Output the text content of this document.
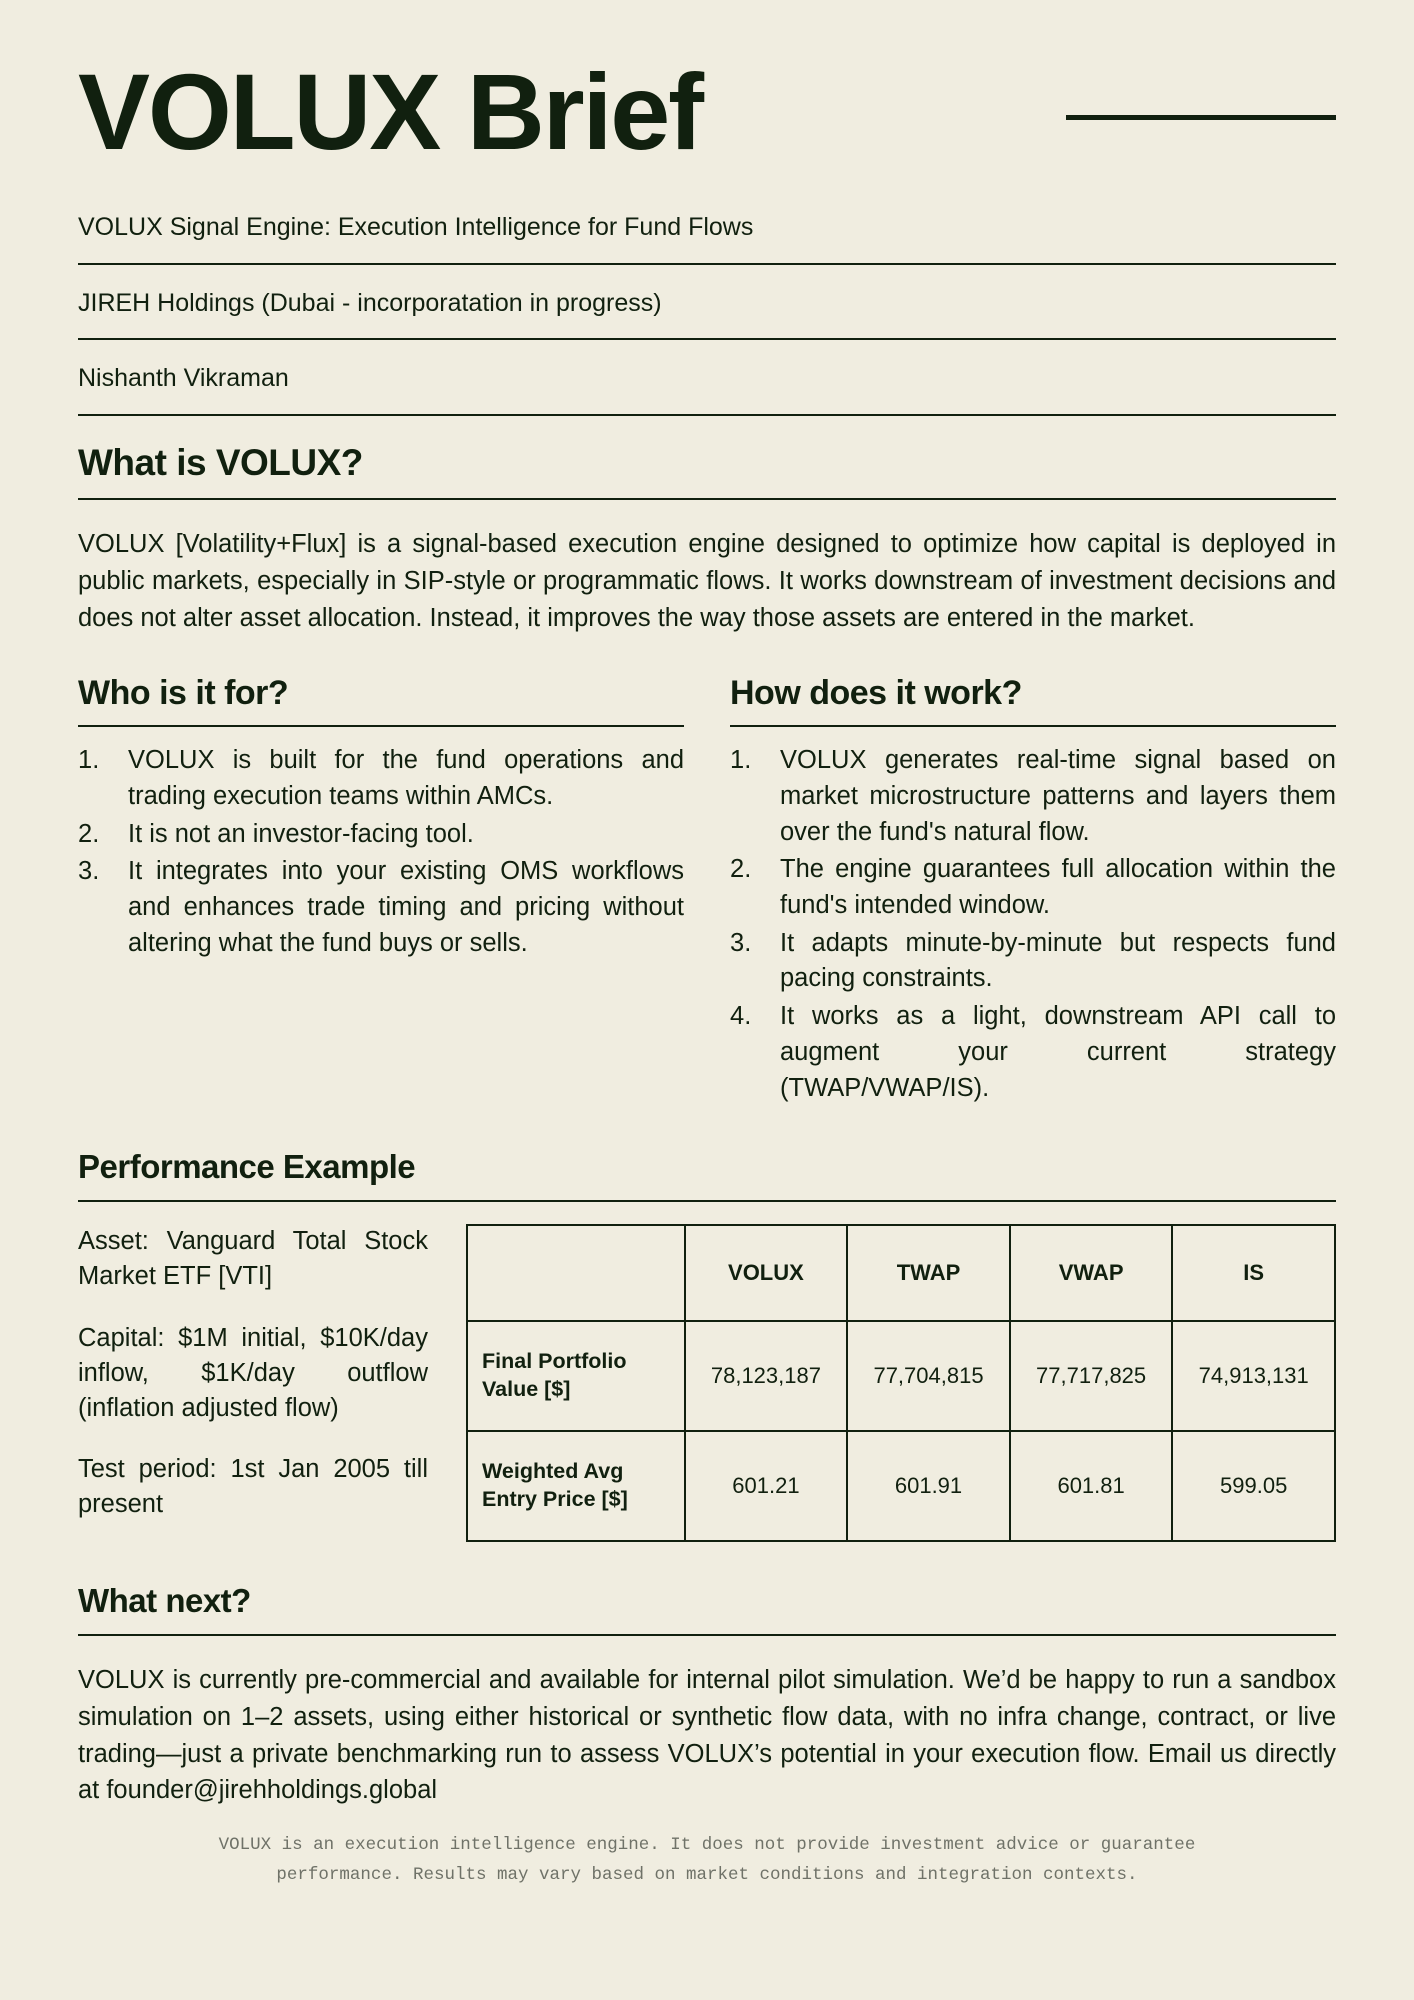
VOLUX Brief
VOLUX Signal Engine: Execution Intelligence for Fund Flows
JIREH Holdings (Dubai - incorporatation in progress)
Nishanth Vikraman
What is VOLUX?

VOLUX [Volatility+Flux] is a signal-based execution engine designed to optimize how capital is deployed in public markets, especially in SIP-style or programmatic flows. It works downstream of investment decisions and does not alter asset allocation. Instead, it improves the way those assets are entered in the market.

Who is it for?
VOLUX is built for the fund operations and trading execution teams within AMCs.
It is not an investor-facing tool.
It integrates into your existing OMS workflows and enhances trade timing and pricing without altering what the fund buys or sells.
How does it work?
VOLUX generates real-time signal based on market microstructure patterns and layers them over the fund's natural flow.
The engine guarantees full allocation within the fund's intended window.
It adapts minute-by-minute but respects fund pacing constraints.
It works as a light, downstream API call to augment your current strategy (TWAP/VWAP/IS).
Performance Example

Asset: Vanguard Total Stock Market ETF [VTI]

Capital: $1M initial, $10K/day inflow, $1K/day outflow (inflation adjusted flow)

Test period: 1st Jan 2005 till present

	VOLUX	TWAP	VWAP	IS
Final Portfolio Value [$]	78,123,187	77,704,815	77,717,825	74,913,131
Weighted Avg Entry Price [$]	601.21	601.91	601.81	599.05
What next?

VOLUX is currently pre-commercial and available for internal pilot simulation. We’d be happy to run a sandbox simulation on 1–2 assets, using either historical or synthetic flow data, with no infra change, contract, or live trading—just a private benchmarking run to assess VOLUX’s potential in your execution flow. Email us directly at founder@jirehholdings.global

VOLUX is an execution intelligence engine. It does not provide investment advice or guarantee performance. Results may vary based on market conditions and integration contexts.
